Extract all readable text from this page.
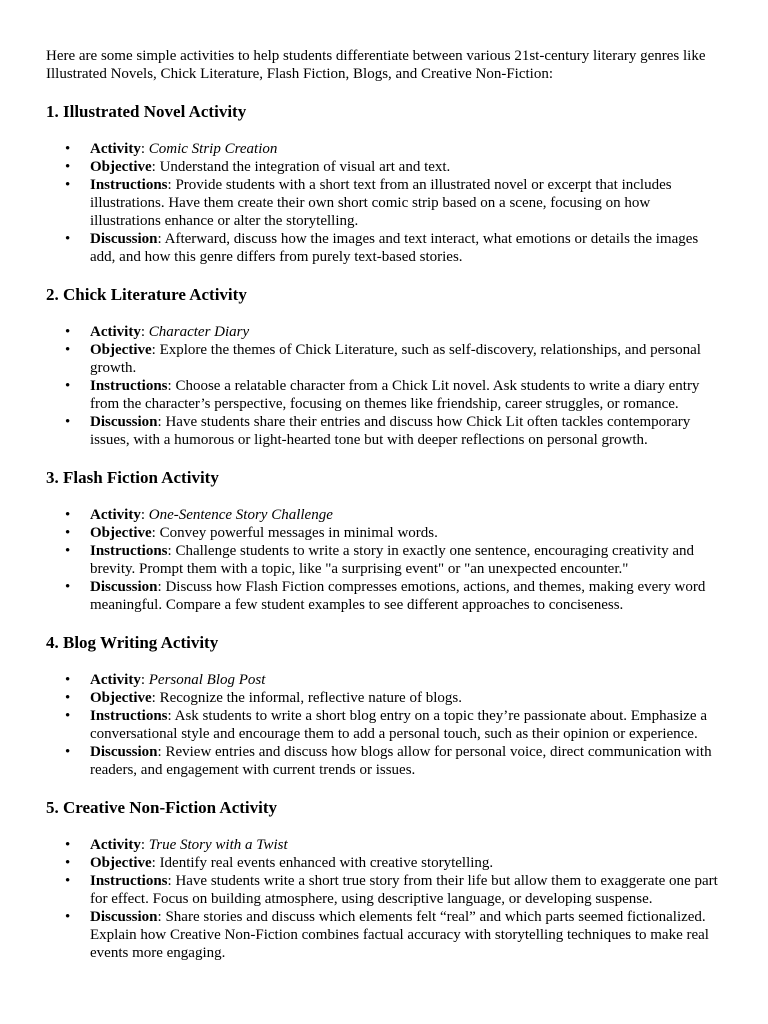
Here are some simple activities to help students differentiate between various 21st-century literary genres like Illustrated Novels, Chick Literature, Flash Fiction, Blogs, and Creative Non-Fiction:

1. Illustrated Novel Activity
• Activity: Comic Strip Creation
• Objective: Understand the integration of visual art and text.
• Instructions: Provide students with a short text from an illustrated novel or excerpt that includes illustrations. Have them create their own short comic strip based on a scene, focusing on how illustrations enhance or alter the storytelling.
• Discussion: Afterward, discuss how the images and text interact, what emotions or details the images add, and how this genre differs from purely text-based stories.
2. Chick Literature Activity
• Activity: Character Diary
• Objective: Explore the themes of Chick Literature, such as self-discovery, relationships, and personal growth.
• Instructions: Choose a relatable character from a Chick Lit novel. Ask students to write a diary entry from the character’s perspective, focusing on themes like friendship, career struggles, or romance.
• Discussion: Have students share their entries and discuss how Chick Lit often tackles contemporary issues, with a humorous or light-hearted tone but with deeper reflections on personal growth.
3. Flash Fiction Activity
• Activity: One-Sentence Story Challenge
• Objective: Convey powerful messages in minimal words.
• Instructions: Challenge students to write a story in exactly one sentence, encouraging creativity and brevity. Prompt them with a topic, like "a surprising event" or "an unexpected encounter."
• Discussion: Discuss how Flash Fiction compresses emotions, actions, and themes, making every word meaningful. Compare a few student examples to see different approaches to conciseness.
4. Blog Writing Activity
• Activity: Personal Blog Post
• Objective: Recognize the informal, reflective nature of blogs.
• Instructions: Ask students to write a short blog entry on a topic they’re passionate about. Emphasize a conversational style and encourage them to add a personal touch, such as their opinion or experience.
• Discussion: Review entries and discuss how blogs allow for personal voice, direct communication with readers, and engagement with current trends or issues.
5. Creative Non-Fiction Activity
• Activity: True Story with a Twist
• Objective: Identify real events enhanced with creative storytelling.
• Instructions: Have students write a short true story from their life but allow them to exaggerate one part for effect. Focus on building atmosphere, using descriptive language, or developing suspense.
• Discussion: Share stories and discuss which elements felt “real” and which parts seemed fictionalized. Explain how Creative Non-Fiction combines factual accuracy with storytelling techniques to make real events more engaging.
